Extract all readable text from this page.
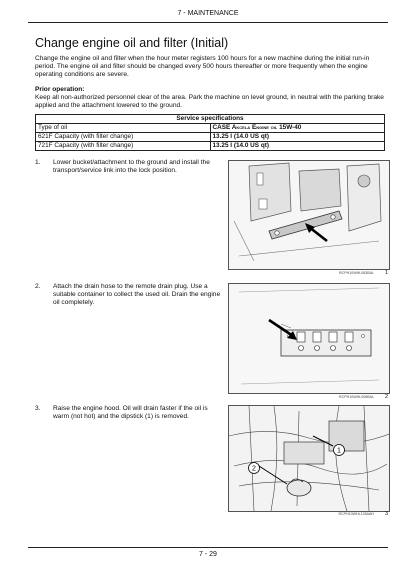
7 - MAINTENANCE
Change engine oil and filter (Initial)

Change the engine oil and filter when the hour meter registers 100 hours for a new machine during the initial run-in period. The engine oil and filter should be changed every 500 hours thereafter or more frequently when the engine operating conditions are severe.

Prior operation:

Keep all non-authorized personnel clear of the area. Park the machine on level ground, in neutral with the parking brake applied and the attachment lowered to the ground.

Service specifications	
Type of oil	CASE Akcela Engine oil 15W-40
621F Capacity (with filter change)	13.25 l (14.0 US qt)
721F Capacity (with filter change)	13.25 l (14.0 US qt)
1.	Lower bucket/attachment to the ground and install the transport/service link into the lock position.
RCPH10WHL083BAL 1
2.	Attach the drain hose to the remote drain plug. Use a suitable container to collect the used oil. Drain the engine oil completely.
RCPH10WHL008BAL 2
3.	Raise the engine hood. Oil will drain faster if the oil is warm (not hot) and the dipstick (1) is removed.
1
2
RCPH10WHL126AAH 3
7 - 29
